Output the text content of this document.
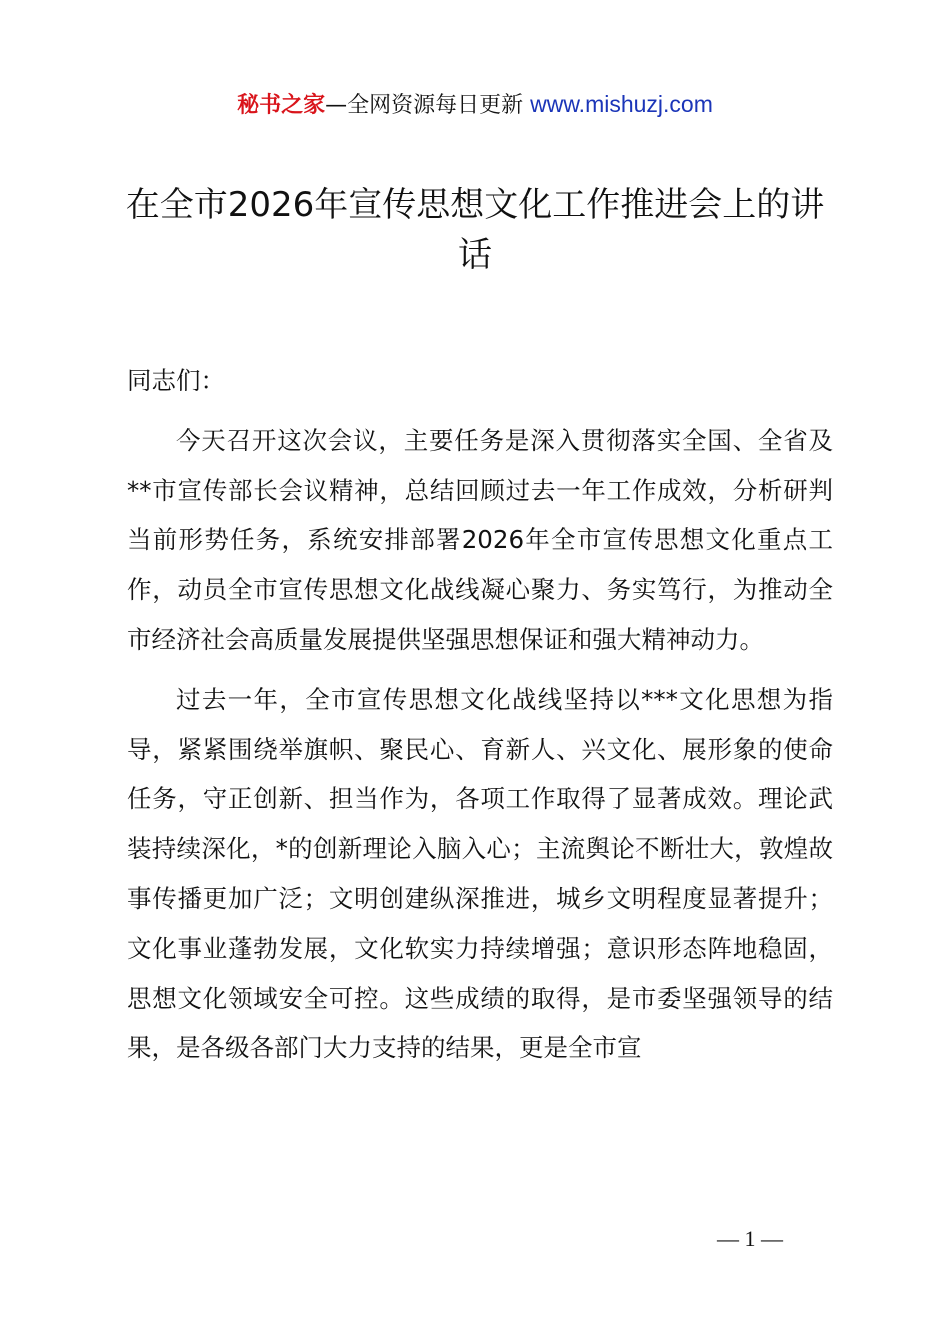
秘书之家—全网资源每日更新 www.mishuzj.com
在全市2026年宣传思想文化工作推进会上的讲话

同志们：

今天召开这次会议，主要任务是深入贯彻落实全国、全省及**市宣传部长会议精神，总结回顾过去一年工作成效，分析研判当前形势任务，系统安排部署2026年全市宣传思想文化重点工作，动员全市宣传思想文化战线凝心聚力、务实笃行，为推动全市经济社会高质量发展提供坚强思想保证和强大精神动力。

过去一年，全市宣传思想文化战线坚持以***文化思想为指导，紧紧围绕举旗帜、聚民心、育新人、兴文化、展形象的使命任务，守正创新、担当作为，各项工作取得了显著成效。理论武装持续深化，*的创新理论入脑入心；主流舆论不断壮大，敦煌故事传播更加广泛；文明创建纵深推进，城乡文明程度显著提升；文化事业蓬勃发展，文化软实力持续增强；意识形态阵地稳固，思想文化领域安全可控。这些成绩的取得，是市委坚强领导的结果，是各级各部门大力支持的结果，更是全市宣

— 1 —
